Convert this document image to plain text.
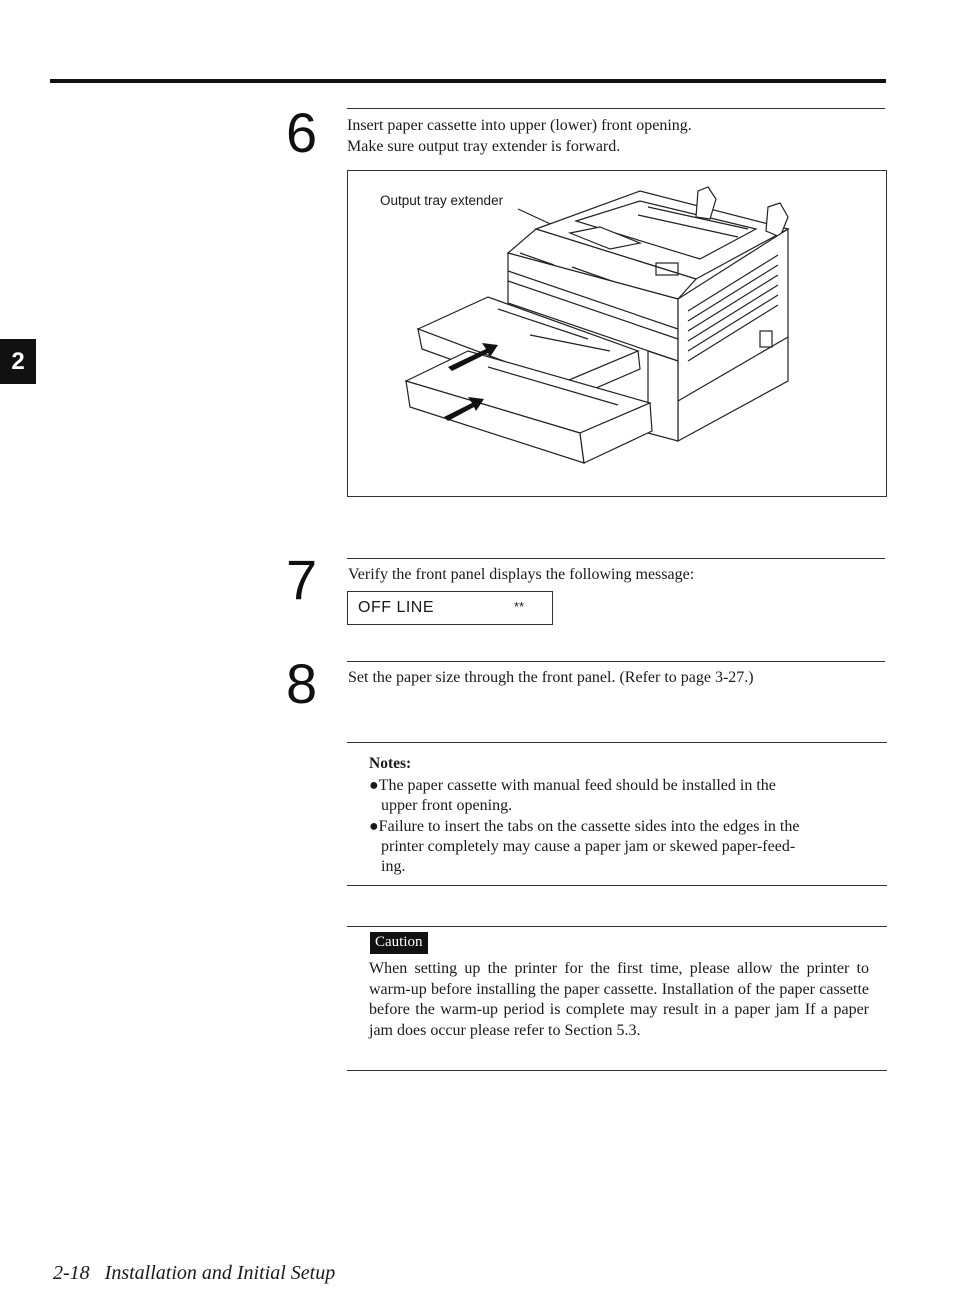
2
6 Insert paper cassette into upper (lower) front opening.
Make sure output tray extender is forward.
Output tray extender
7 Verify the front panel displays the following message:
OFF LINE	**
8 Set the paper size through the front panel. (Refer to page 3-27.)
Notes:
●The paper cassette with manual feed should be installed in the
upper front opening.
●Failure to insert the tabs on the cassette sides into the edges in the
printer completely may cause a paper jam or skewed paper-feed-
ing.
Caution
When setting up the printer for the first time, please allow the printer to warm-up before installing the paper cassette. Installation of the paper cassette before the warm-up period is complete may result in a paper jam If a paper jam does occur please refer to Section 5.3.
2-18   Installation and Initial Setup
